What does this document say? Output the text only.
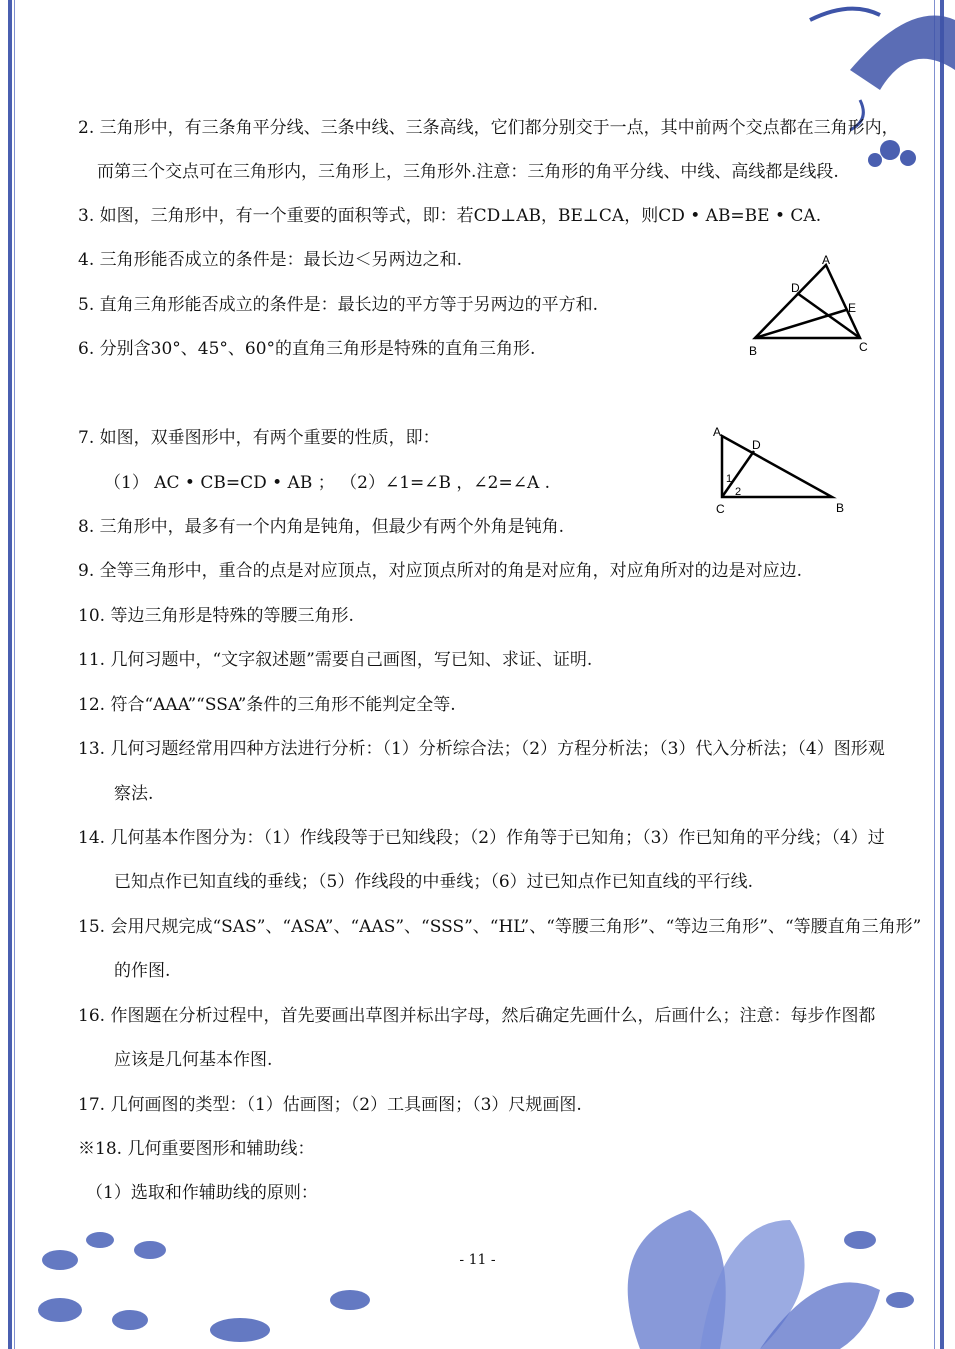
2. 三角形中，有三条角平分线、三条中线、三条高线，它们都分别交于一点，其中前两个交点都在三角形内，
而第三个交点可在三角形内，三角形上，三角形外.注意：三角形的角平分线、中线、高线都是线段.
3. 如图，三角形中，有一个重要的面积等式，即：若CD⊥AB，BE⊥CA，则CD • AB=BE • CA.
4. 三角形能否成立的条件是：最长边＜另两边之和.
5. 直角三角形能否成立的条件是：最长边的平方等于另两边的平方和.
6. 分别含30°、45°、60°的直角三角形是特殊的直角三角形.
7. 如图，双垂图形中，有两个重要的性质，即：
（1） AC • CB=CD • AB ； （2）∠1=∠B ，∠2=∠A .
8. 三角形中，最多有一个内角是钝角，但最少有两个外角是钝角.
9. 全等三角形中，重合的点是对应顶点，对应顶点所对的角是对应角，对应角所对的边是对应边.
10. 等边三角形是特殊的等腰三角形.
11. 几何习题中，“文字叙述题”需要自己画图，写已知、求证、证明.
12. 符合“AAA”“SSA”条件的三角形不能判定全等.
13. 几何习题经常用四种方法进行分析：（1）分析综合法；（2）方程分析法；（3）代入分析法；（4）图形观
察法.
14. 几何基本作图分为：（1）作线段等于已知线段；（2）作角等于已知角；（3）作已知角的平分线；（4）过
已知点作已知直线的垂线；（5）作线段的中垂线；（6）过已知点作已知直线的平行线.
15. 会用尺规完成“SAS”、“ASA”、“AAS”、“SSS”、“HL”、“等腰三角形”、“等边三角形”、“等腰直角三角形”
的作图.
16. 作图题在分析过程中，首先要画出草图并标出字母，然后确定先画什么，后画什么；注意：每步作图都
应该是几何基本作图.
17. 几何画图的类型：（1）估画图；（2）工具画图；（3）尺规画图.
※18. 几何重要图形和辅助线：
（1）选取和作辅助线的原则：
A
D
E
B	C
A
D
C	B
1
2
- 11 -
